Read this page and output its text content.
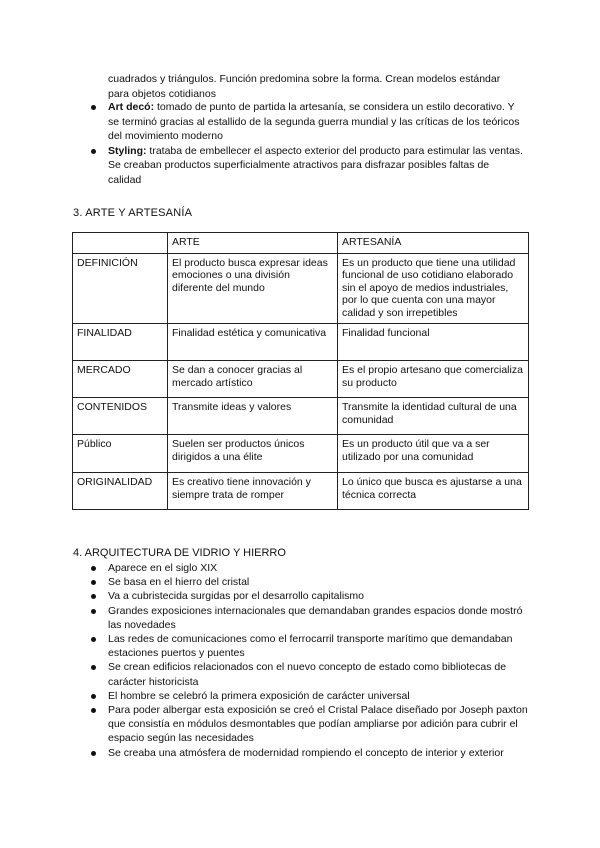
cuadrados y triángulos. Función predomina sobre la forma. Crean modelos estándar para objetos cotidianos
Art decó: tomado de punto de partida la artesanía, se considera un estilo decorativo. Y se terminó gracias al estallido de la segunda guerra mundial y las críticas de los teóricos del movimiento moderno
Styling: trataba de embellecer el aspecto exterior del producto para estimular las ventas. Se creaban productos superficialmente atractivos para disfrazar posibles faltas de calidad
3. ARTE Y ARTESANÍA
	ARTE	ARTESANÍA
DEFINICIÓN	El producto busca expresar ideas emociones o una división diferente del mundo	Es un producto que tiene una utilidad funcional de uso cotidiano elaborado sin el apoyo de medios industriales, por lo que cuenta con una mayor calidad y son irrepetibles
FINALIDAD	Finalidad estética y comunicativa	Finalidad funcional
MERCADO	Se dan a conocer gracias al mercado artístico	Es el propio artesano que comercializa su producto
CONTENIDOS	Transmite ideas y valores	Transmite la identidad cultural de una comunidad
Público	Suelen ser productos únicos dirigidos a una élite	Es un producto útil que va a ser utilizado por una comunidad
ORIGINALIDAD	Es creativo tiene innovación y siempre trata de romper	Lo único que busca es ajustarse a una técnica correcta
4. ARQUITECTURA DE VIDRIO Y HIERRO
Aparece en el siglo XIX
Se basa en el hierro del cristal
Va a cubristecida surgidas por el desarrollo capitalismo
Grandes exposiciones internacionales que demandaban grandes espacios donde mostró las novedades
Las redes de comunicaciones como el ferrocarril transporte marítimo que demandaban estaciones puertos y puentes
Se crean edificios relacionados con el nuevo concepto de estado como bibliotecas de carácter historicista
El hombre se celebró la primera exposición de carácter universal
Para poder albergar esta exposición se creó el Cristal Palace diseñado por Joseph paxton que consistía en módulos desmontables que podían ampliarse por adición para cubrir el espacio según las necesidades
Se creaba una atmósfera de modernidad rompiendo el concepto de interior y exterior
